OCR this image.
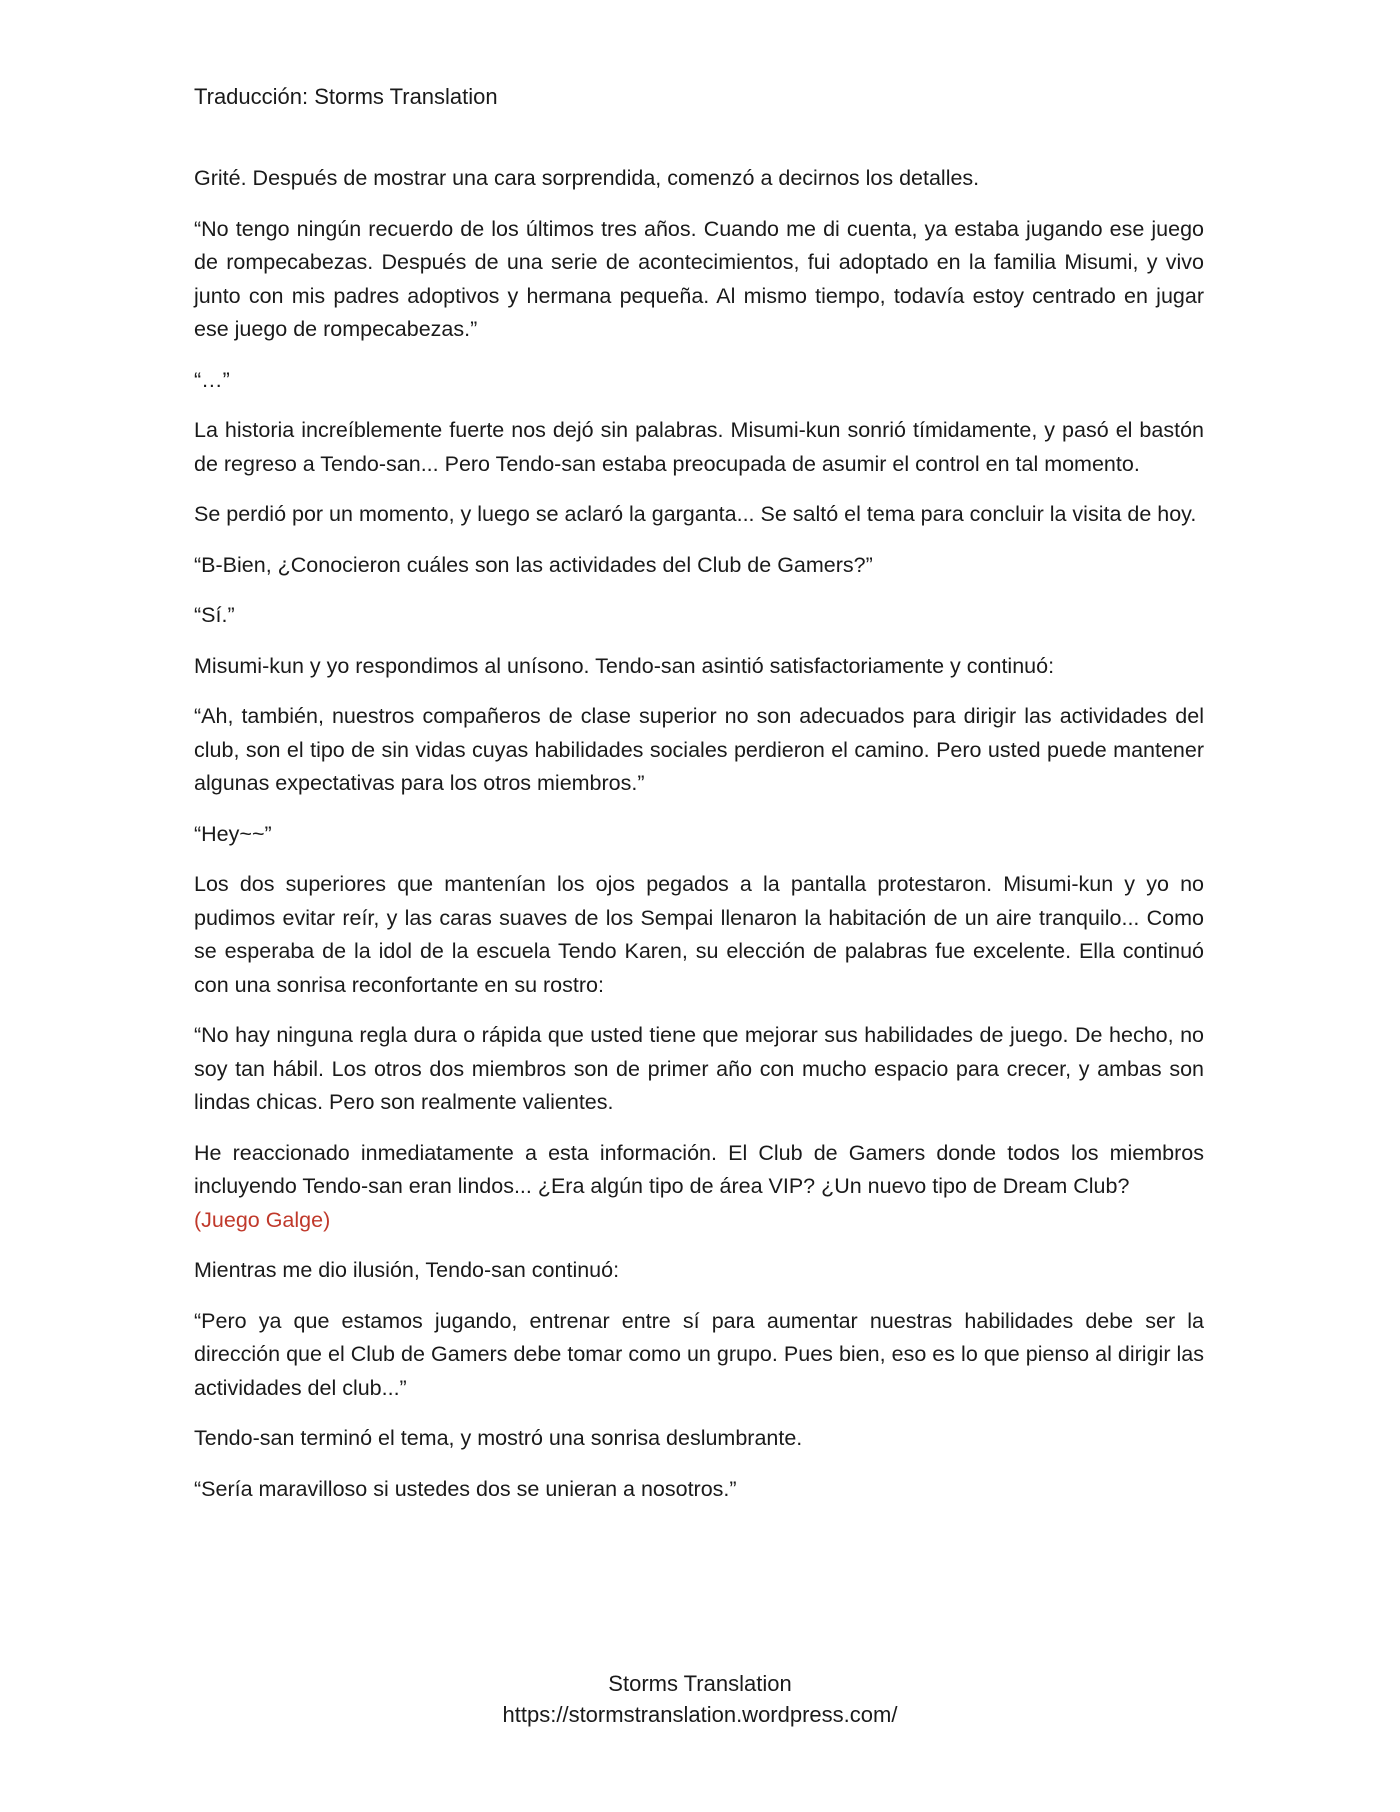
Traducción: Storms Translation

Grité. Después de mostrar una cara sorprendida, comenzó a decirnos los detalles.

“No tengo ningún recuerdo de los últimos tres años. Cuando me di cuenta, ya estaba jugando ese juego de rompecabezas. Después de una serie de acontecimientos, fui adoptado en la familia Misumi, y vivo junto con mis padres adoptivos y hermana pequeña. Al mismo tiempo, todavía estoy centrado en jugar ese juego de rompecabezas.”

“…”

La historia increíblemente fuerte nos dejó sin palabras. Misumi-kun sonrió tímidamente, y pasó el bastón de regreso a Tendo-san... Pero Tendo-san estaba preocupada de asumir el control en tal momento.

Se perdió por un momento, y luego se aclaró la garganta... Se saltó el tema para concluir la visita de hoy.

“B-Bien, ¿Conocieron cuáles son las actividades del Club de Gamers?”

“Sí.”

Misumi-kun y yo respondimos al unísono. Tendo-san asintió satisfactoriamente y continuó:

“Ah, también, nuestros compañeros de clase superior no son adecuados para dirigir las actividades del club, son el tipo de sin vidas cuyas habilidades sociales perdieron el camino. Pero usted puede mantener algunas expectativas para los otros miembros.”

“Hey~~”

Los dos superiores que mantenían los ojos pegados a la pantalla protestaron. Misumi-kun y yo no pudimos evitar reír, y las caras suaves de los Sempai llenaron la habitación de un aire tranquilo... Como se esperaba de la idol de la escuela Tendo Karen, su elección de palabras fue excelente. Ella continuó con una sonrisa reconfortante en su rostro:

“No hay ninguna regla dura o rápida que usted tiene que mejorar sus habilidades de juego. De hecho, no soy tan hábil. Los otros dos miembros son de primer año con mucho espacio para crecer, y ambas son lindas chicas. Pero son realmente valientes.

He reaccionado inmediatamente a esta información. El Club de Gamers donde todos los miembros incluyendo Tendo-san eran lindos... ¿Era algún tipo de área VIP? ¿Un nuevo tipo de Dream Club?
(Juego Galge)

Mientras me dio ilusión, Tendo-san continuó:

“Pero ya que estamos jugando, entrenar entre sí para aumentar nuestras habilidades debe ser la dirección que el Club de Gamers debe tomar como un grupo. Pues bien, eso es lo que pienso al dirigir las actividades del club...”

Tendo-san terminó el tema, y mostró una sonrisa deslumbrante.

“Sería maravilloso si ustedes dos se unieran a nosotros.”

Storms Translation
https://stormstranslation.wordpress.com/
